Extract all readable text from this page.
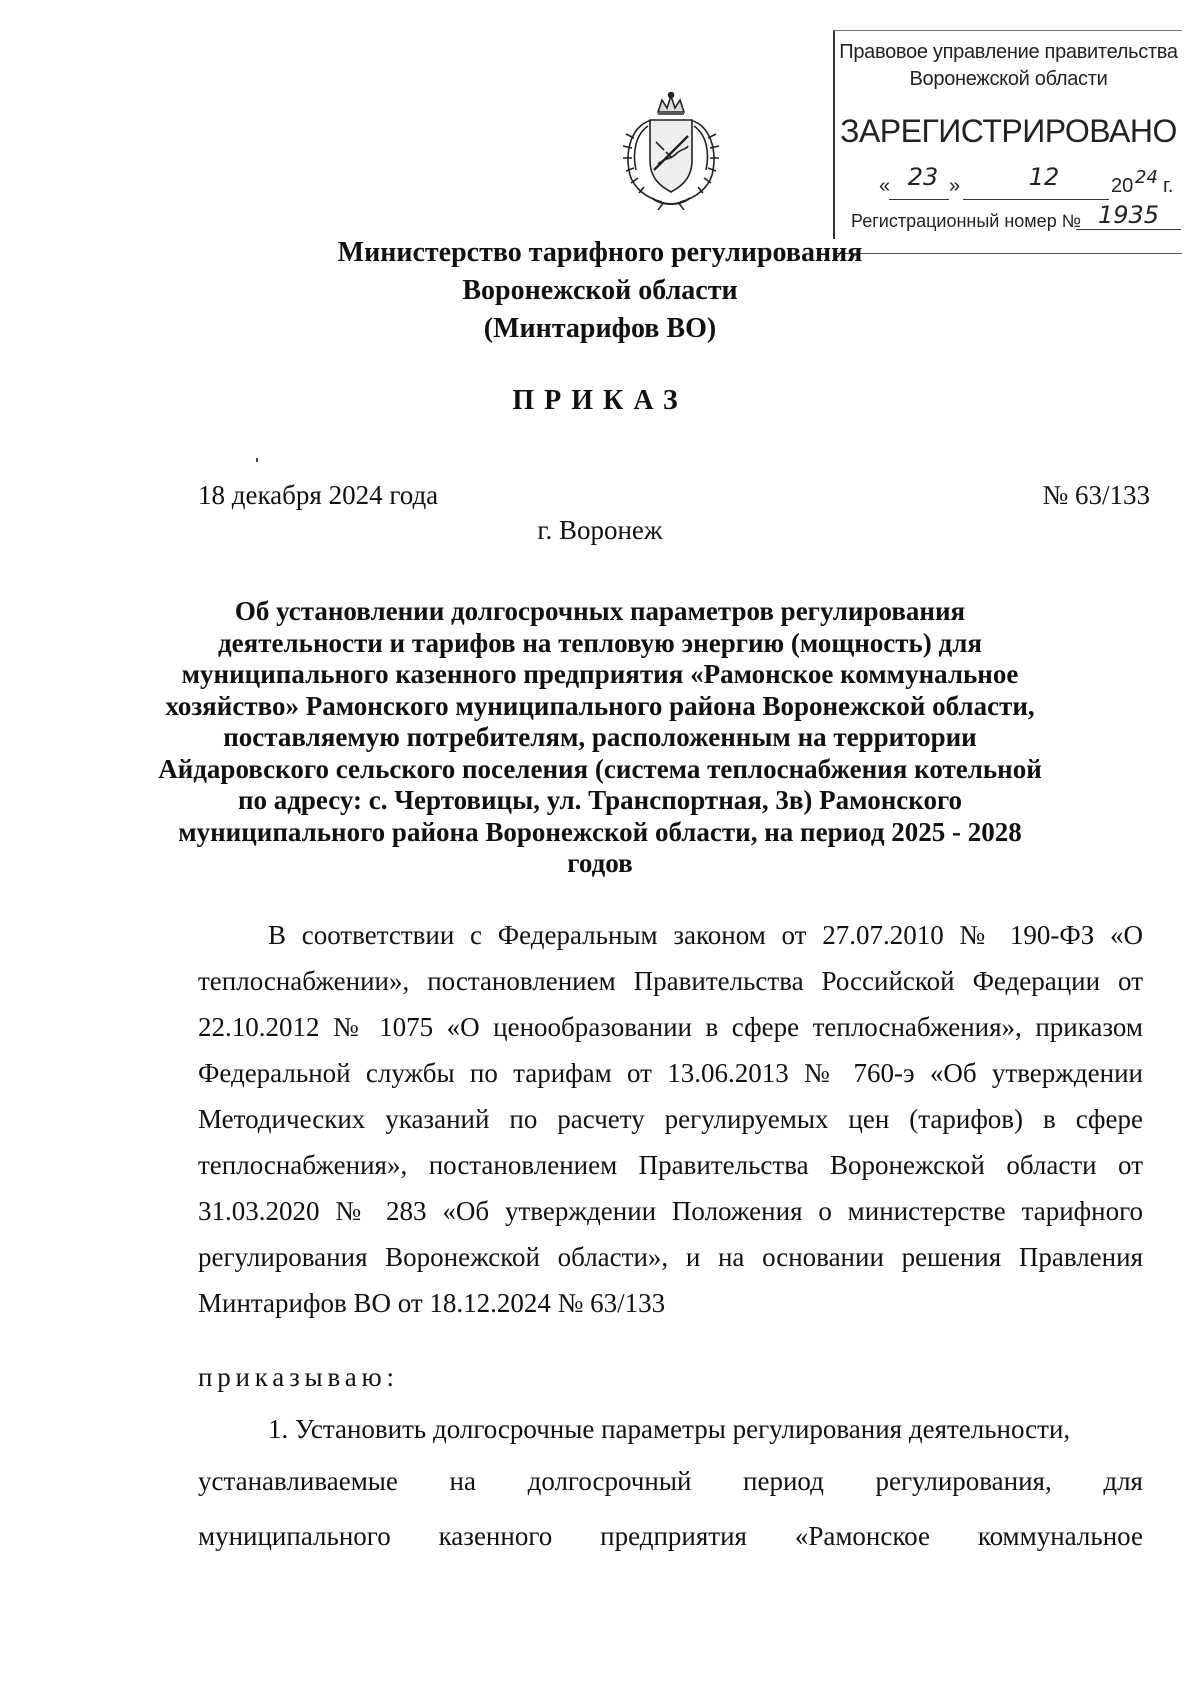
Правовое управление правительства
Воронежской области
ЗАРЕГИСТРИРОВАНО
« 23 »	12	20 24 г.
Регистрационный номер № 1935
Министерство тарифного регулирования
Воронежской области
(Минтарифов ВО)
ПРИКАЗ
18 декабря 2024 года	№ 63/133
г. Воронеж
Об установлении долгосрочных параметров регулирования
деятельности и тарифов на тепловую энергию (мощность) для
муниципального казенного предприятия «Рамонское коммунальное
хозяйство» Рамонского муниципального района Воронежской области,
поставляемую потребителям, расположенным на территории
Айдаровского сельского поселения (система теплоснабжения котельной
по адресу: с. Чертовицы, ул. Транспортная, 3в) Рамонского
муниципального района Воронежской области, на период 2025 - 2028
годов
В соответствии с Федеральным законом от 27.07.2010 № 190-ФЗ «О теплоснабжении», постановлением Правительства Российской Федерации от 22.10.2012 № 1075 «О ценообразовании в сфере теплоснабжения», приказом Федеральной службы по тарифам от 13.06.2013 № 760-э «Об утверждении Методических указаний по расчету регулируемых цен (тарифов) в сфере теплоснабжения», постановлением Правительства Воронежской области от 31.03.2020 № 283 «Об утверждении Положения о министерстве тарифного регулирования Воронежской области», и на основании решения Правления Минтарифов ВО от 18.12.2024 № 63/133
приказываю:
1. Установить долгосрочные параметры регулирования деятельности,
устанавливаемые на долгосрочный период регулирования, для
муниципального казенного предприятия «Рамонское коммунальное
